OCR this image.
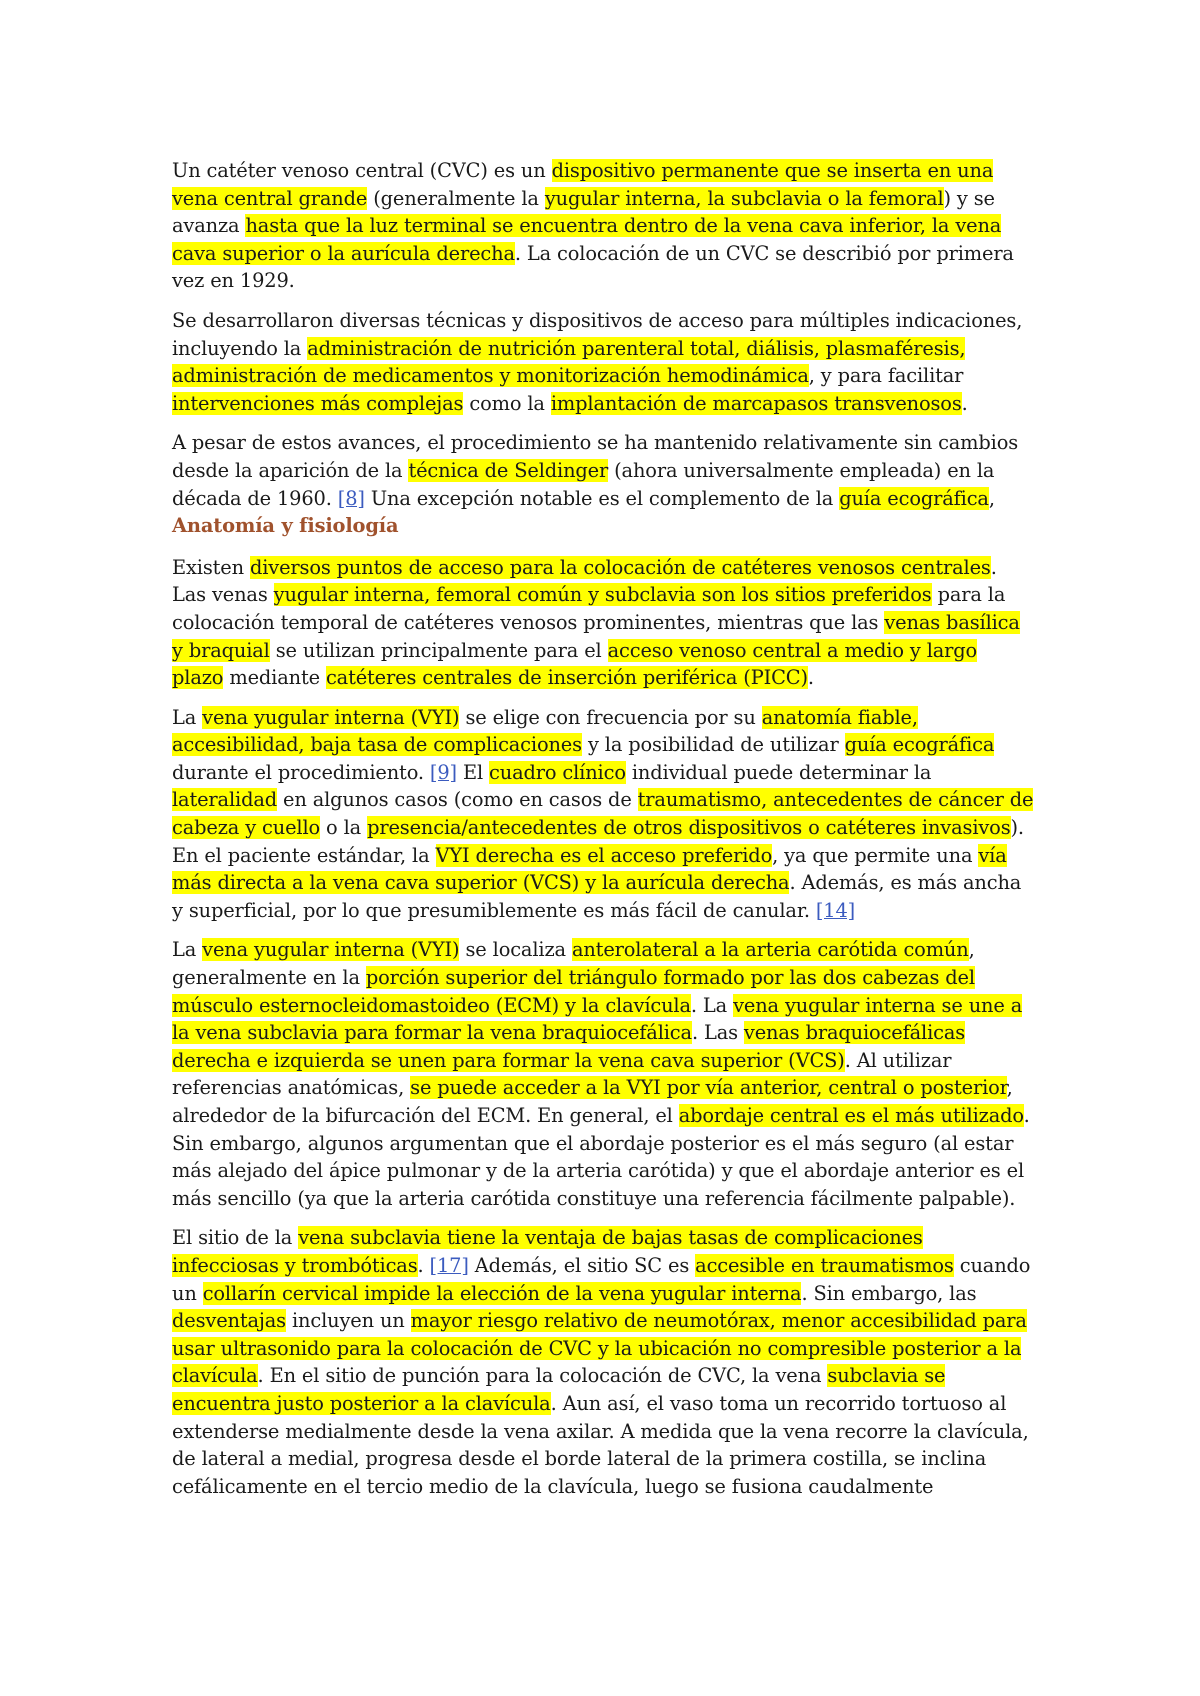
Un catéter venoso central (CVC) es un dispositivo permanente que se inserta en una vena central grande (generalmente la yugular interna, la subclavia o la femoral) y se avanza hasta que la luz terminal se encuentra dentro de la vena cava inferior, la vena cava superior o la aurícula derecha. La colocación de un CVC se describió por primera vez en 1929.

Se desarrollaron diversas técnicas y dispositivos de acceso para múltiples indicaciones, incluyendo la administración de nutrición parenteral total, diálisis, plasmaféresis, administración de medicamentos y monitorización hemodinámica, y para facilitar intervenciones más complejas como la implantación de marcapasos transvenosos.

A pesar de estos avances, el procedimiento se ha mantenido relativamente sin cambios desde la aparición de la técnica de Seldinger (ahora universalmente empleada) en la década de 1960. [8] Una excepción notable es el complemento de la guía ecográfica,

Anatomía y fisiología

Existen diversos puntos de acceso para la colocación de catéteres venosos centrales. Las venas yugular interna, femoral común y subclavia son los sitios preferidos para la colocación temporal de catéteres venosos prominentes, mientras que las venas basílica y braquial se utilizan principalmente para el acceso venoso central a medio y largo plazo mediante catéteres centrales de inserción periférica (PICC).

La vena yugular interna (VYI) se elige con frecuencia por su anatomía fiable, accesibilidad, baja tasa de complicaciones y la posibilidad de utilizar guía ecográfica durante el procedimiento. [9] El cuadro clínico individual puede determinar la lateralidad en algunos casos (como en casos de traumatismo, antecedentes de cáncer de cabeza y cuello o la presencia/antecedentes de otros dispositivos o catéteres invasivos). En el paciente estándar, la VYI derecha es el acceso preferido, ya que permite una vía más directa a la vena cava superior (VCS) y la aurícula derecha. Además, es más ancha y superficial, por lo que presumiblemente es más fácil de canular. [14]

La vena yugular interna (VYI) se localiza anterolateral a la arteria carótida común, generalmente en la porción superior del triángulo formado por las dos cabezas del músculo esternocleidomastoideo (ECM) y la clavícula. La vena yugular interna se une a la vena subclavia para formar la vena braquiocefálica. Las venas braquiocefálicas derecha e izquierda se unen para formar la vena cava superior (VCS). Al utilizar referencias anatómicas, se puede acceder a la VYI por vía anterior, central o posterior, alrededor de la bifurcación del ECM. En general, el abordaje central es el más utilizado. Sin embargo, algunos argumentan que el abordaje posterior es el más seguro (al estar más alejado del ápice pulmonar y de la arteria carótida) y que el abordaje anterior es el más sencillo (ya que la arteria carótida constituye una referencia fácilmente palpable).

El sitio de la vena subclavia tiene la ventaja de bajas tasas de complicaciones infecciosas y trombóticas. [17] Además, el sitio SC es accesible en traumatismos cuando un collarín cervical impide la elección de la vena yugular interna. Sin embargo, las desventajas incluyen un mayor riesgo relativo de neumotórax, menor accesibilidad para usar ultrasonido para la colocación de CVC y la ubicación no compresible posterior a la clavícula. En el sitio de punción para la colocación de CVC, la vena subclavia se encuentra justo posterior a la clavícula. Aun así, el vaso toma un recorrido tortuoso al extenderse medialmente desde la vena axilar. A medida que la vena recorre la clavícula, de lateral a medial, progresa desde el borde lateral de la primera costilla, se inclina cefálicamente en el tercio medio de la clavícula, luego se fusiona caudalmente
